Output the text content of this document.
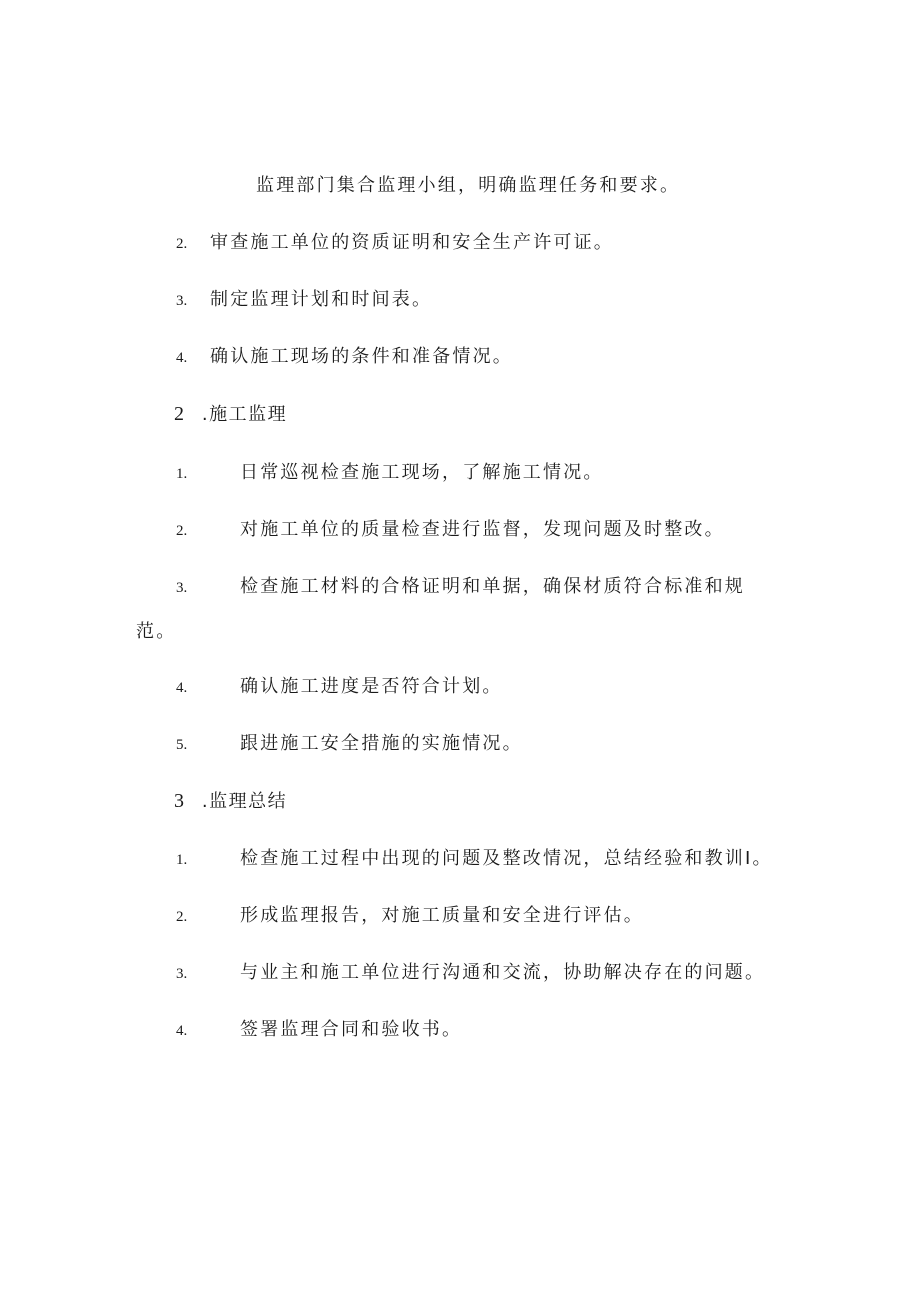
监理部门集合监理小组，明确监理任务和要求。
2. 审查施工单位的资质证明和安全生产许可证。
3. 制定监理计划和时间表。
4. 确认施工现场的条件和准备情况。
2 .施工监理
1.	日常巡视检查施工现场，了解施工情况。
2.	对施工单位的质量检查进行监督，发现问题及时整改。
3.	检查施工材料的合格证明和单据，确保材质符合标准和规
范。
4.	确认施工进度是否符合计划。
5.	跟进施工安全措施的实施情况。
3 .监理总结
1.	检查施工过程中出现的问题及整改情况，总结经验和教训I。
2.	形成监理报告，对施工质量和安全进行评估。
3.	与业主和施工单位进行沟通和交流，协助解决存在的问题。
4.	签署监理合同和验收书。
